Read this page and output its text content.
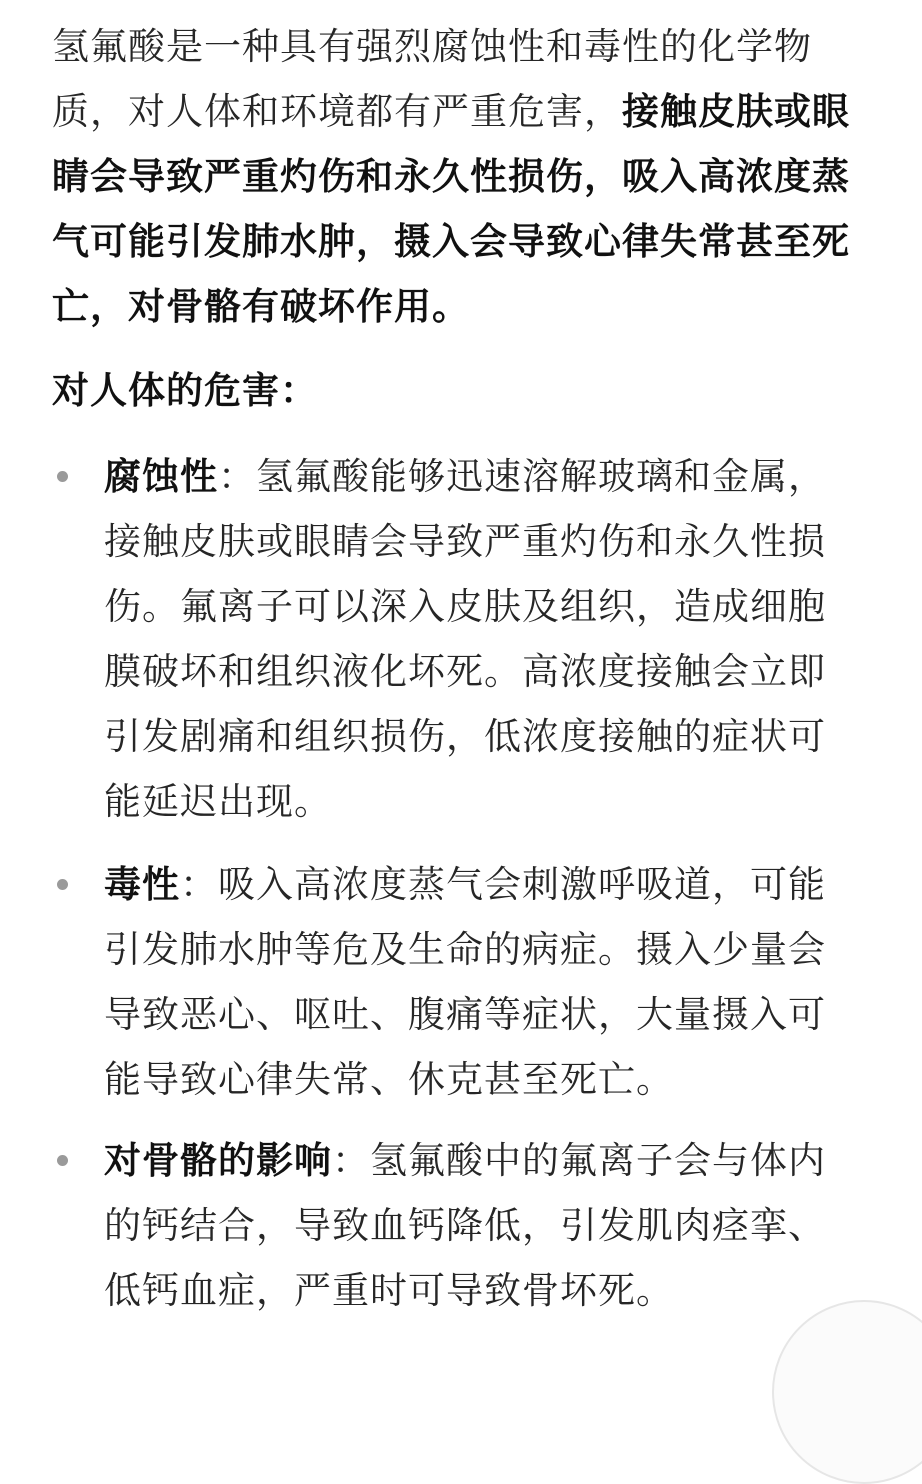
氢氟酸是一种具有强烈腐蚀性和毒性的化学物质，对人体和环境都有严重危害，接触皮肤或眼睛会导致严重灼伤和永久性损伤，吸入高浓度蒸气可能引发肺水肿，摄入会导致心律失常甚至死亡，对骨骼有破坏作用。

对人体的危害：
腐蚀性：氢氟酸能够迅速溶解玻璃和金属，接触皮肤或眼睛会导致严重灼伤和永久性损伤。氟离子可以深入皮肤及组织，造成细胞膜破坏和组织液化坏死。高浓度接触会立即引发剧痛和组织损伤，低浓度接触的症状可能延迟出现。
毒性：吸入高浓度蒸气会刺激呼吸道，可能引发肺水肿等危及生命的病症。摄入少量会导致恶心、呕吐、腹痛等症状，大量摄入可能导致心律失常、休克甚至死亡。
对骨骼的影响：氢氟酸中的氟离子会与体内的钙结合，导致血钙降低，引发肌肉痉挛、低钙血症，严重时可导致骨坏死。
